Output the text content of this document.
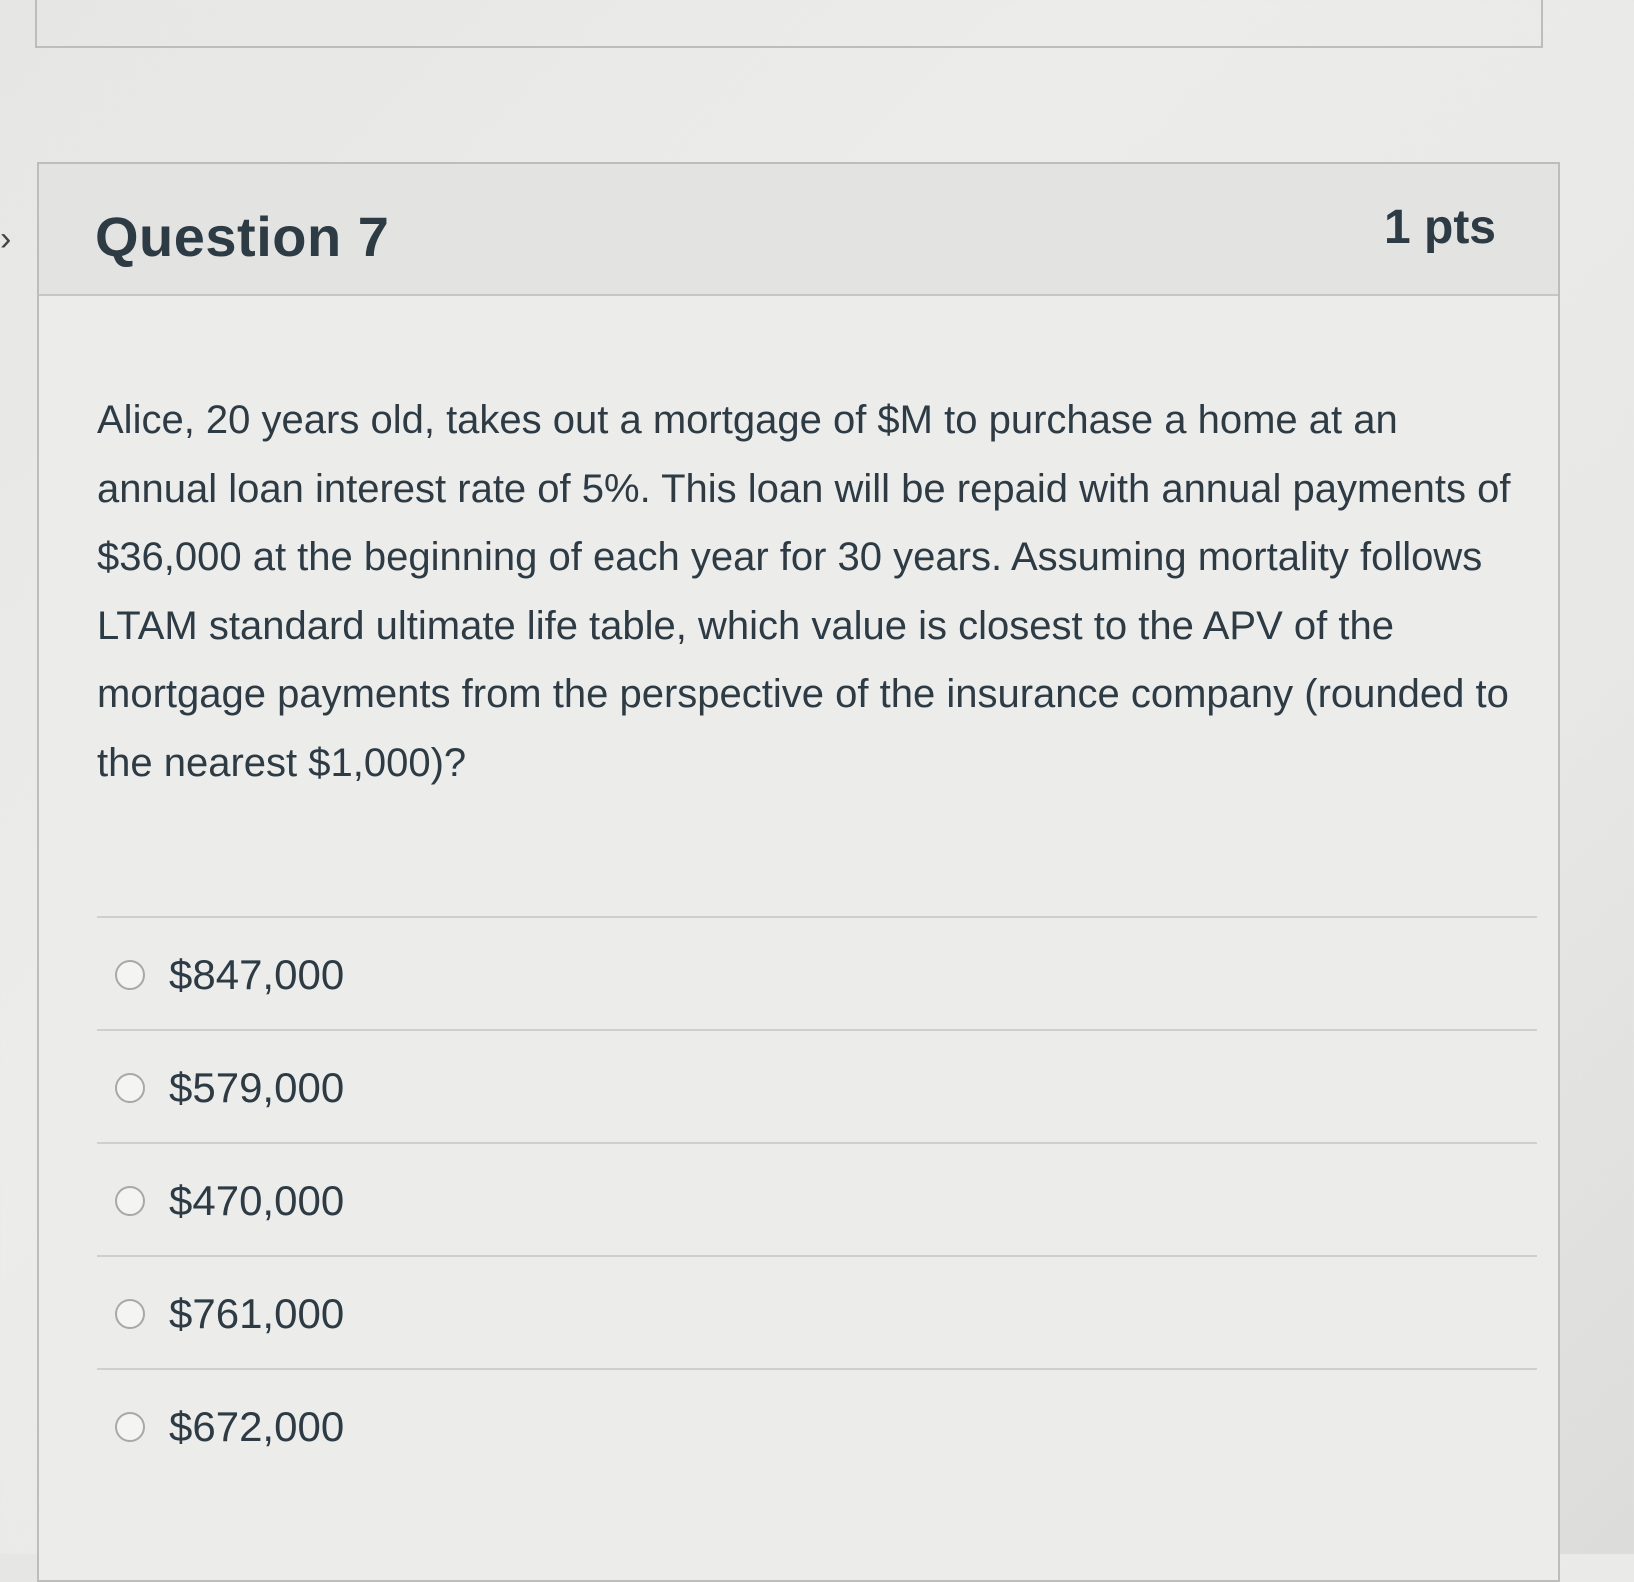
› Question 7	1 pts

Alice, 20 years old, takes out a mortgage of $M to purchase a home at an annual loan interest rate of 5%. This loan will be repaid with annual payments of $36,000 at the beginning of each year for 30 years. Assuming mortality follows LTAM standard ultimate life table, which value is closest to the APV of the mortgage payments from the perspective of the insurance company (rounded to the nearest $1,000)?

$847,000
$579,000
$470,000
$761,000
$672,000
